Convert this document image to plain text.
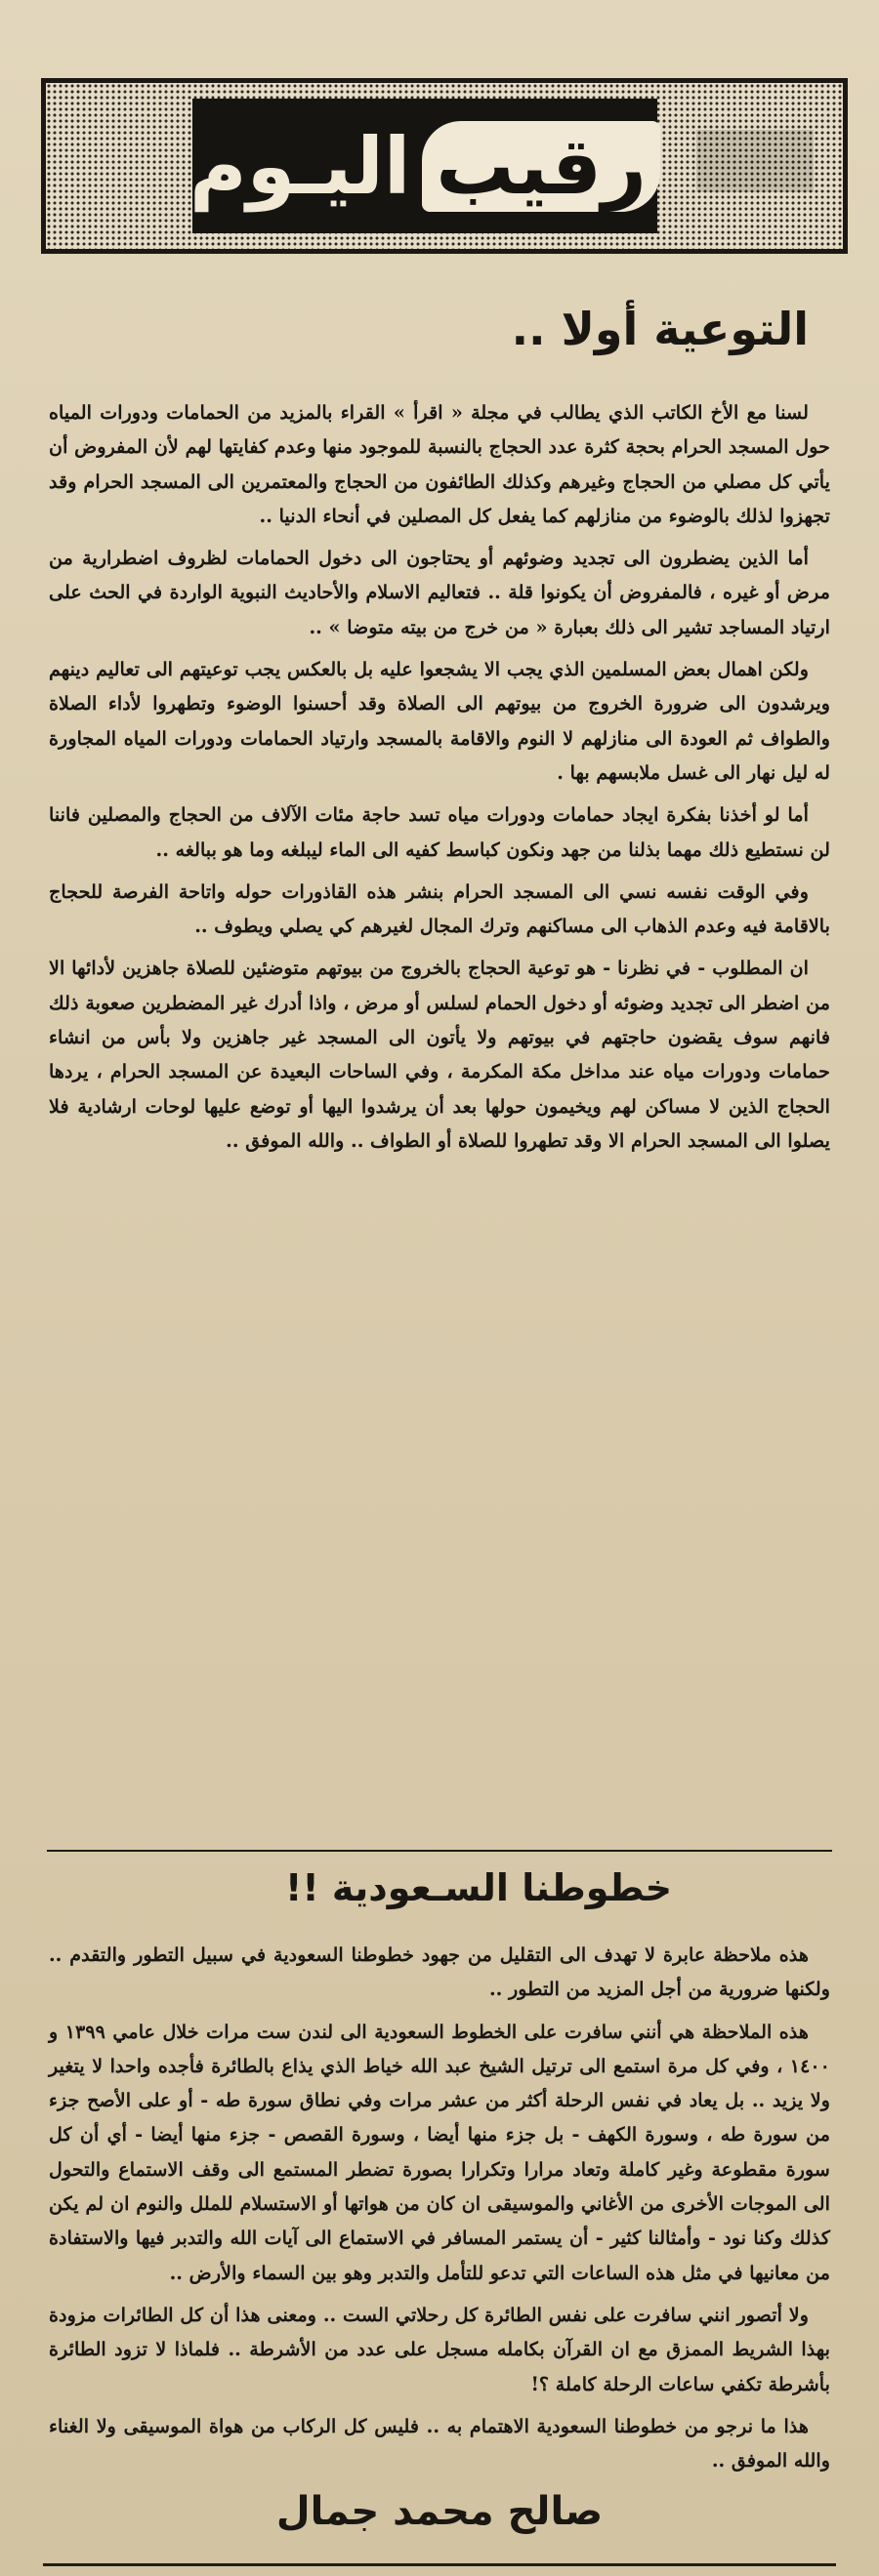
رقيباليـوم
التوعية أولا ..

لسنا مع الأخ الكاتب الذي يطالب في مجلة « اقرأ » القراء بالمزيد من الحمامات ودورات المياه حول المسجد الحرام بحجة كثرة عدد الحجاج بالنسبة للموجود منها وعدم كفايتها لهم لأن المفروض أن يأتي كل مصلي من الحجاج وغيرهم وكذلك الطائفون من الحجاج والمعتمرين الى المسجد الحرام وقد تجهزوا لذلك بالوضوء من منازلهم كما يفعل كل المصلين في أنحاء الدنيا ..

أما الذين يضطرون الى تجديد وضوئهم أو يحتاجون الى دخول الحمامات لظروف اضطرارية من مرض أو غيره ، فالمفروض أن يكونوا قلة .. فتعاليم الاسلام والأحاديث النبوية الواردة في الحث على ارتياد المساجد تشير الى ذلك بعبارة « من خرج من بيته متوضا » ..

ولكن اهمال بعض المسلمين الذي يجب الا يشجعوا عليه بل بالعكس يجب توعيتهم الى تعاليم دينهم ويرشدون الى ضرورة الخروج من بيوتهم الى الصلاة وقد أحسنوا الوضوء وتطهروا لأداء الصلاة والطواف ثم العودة الى منازلهم لا النوم والاقامة بالمسجد وارتياد الحمامات ودورات المياه المجاورة له ليل نهار الى غسل ملابسهم بها .

أما لو أخذنا بفكرة ايجاد حمامات ودورات مياه تسد حاجة مئات الآلاف من الحجاج والمصلين فاننا لن نستطيع ذلك مهما بذلنا من جهد ونكون كباسط كفيه الى الماء ليبلغه وما هو ببالغه ..

وفي الوقت نفسه نسي الى المسجد الحرام بنشر هذه القاذورات حوله واتاحة الفرصة للحجاج بالاقامة فيه وعدم الذهاب الى مساكنهم وترك المجال لغيرهم كي يصلي ويطوف ..

ان المطلوب - في نظرنا - هو توعية الحجاج بالخروج من بيوتهم متوضئين للصلاة جاهزين لأدائها الا من اضطر الى تجديد وضوئه أو دخول الحمام لسلس أو مرض ، واذا أدرك غير المضطرين صعوبة ذلك فانهم سوف يقضون حاجتهم في بيوتهم ولا يأتون الى المسجد غير جاهزين ولا بأس من انشاء حمامات ودورات مياه عند مداخل مكة المكرمة ، وفي الساحات البعيدة عن المسجد الحرام ، يردها الحجاج الذين لا مساكن لهم ويخيمون حولها بعد أن يرشدوا اليها أو توضع عليها لوحات ارشادية فلا يصلوا الى المسجد الحرام الا وقد تطهروا للصلاة أو الطواف .. والله الموفق ..

خطوطنا السـعودية !!

هذه ملاحظة عابرة لا تهدف الى التقليل من جهود خطوطنا السعودية في سبيل التطور والتقدم .. ولكنها ضرورية من أجل المزيد من التطور ..

هذه الملاحظة هي أنني سافرت على الخطوط السعودية الى لندن ست مرات خلال عامي ١٣٩٩ و ١٤٠٠ ، وفي كل مرة استمع الى ترتيل الشيخ عبد الله خياط الذي يذاع بالطائرة فأجده واحدا لا يتغير ولا يزيد .. بل يعاد في نفس الرحلة أكثر من عشر مرات وفي نطاق سورة طه - أو على الأصح جزء من سورة طه ، وسورة الكهف - بل جزء منها أيضا ، وسورة القصص - جزء منها أيضا - أي أن كل سورة مقطوعة وغير كاملة وتعاد مرارا وتكرارا بصورة تضطر المستمع الى وقف الاستماع والتحول الى الموجات الأخرى من الأغاني والموسيقى ان كان من هواتها أو الاستسلام للملل والنوم ان لم يكن كذلك وكنا نود - وأمثالنا كثير - أن يستمر المسافر في الاستماع الى آيات الله والتدبر فيها والاستفادة من معانيها في مثل هذه الساعات التي تدعو للتأمل والتدبر وهو بين السماء والأرض ..

ولا أتصور انني سافرت على نفس الطائرة كل رحلاتي الست .. ومعنى هذا أن كل الطائرات مزودة بهذا الشريط الممزق مع ان القرآن بكامله مسجل على عدد من الأشرطة .. فلماذا لا تزود الطائرة بأشرطة تكفي ساعات الرحلة كاملة ؟!

هذا ما نرجو من خطوطنا السعودية الاهتمام به .. فليس كل الركاب من هواة الموسيقى ولا الغناء والله الموفق ..

صالح محمد جمال
